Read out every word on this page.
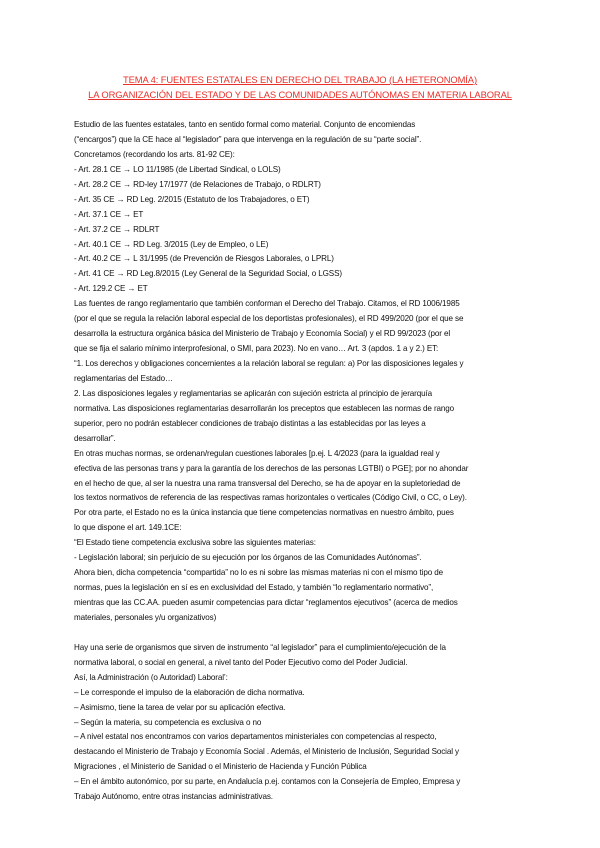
TEMA 4: FUENTES ESTATALES EN DERECHO DEL TRABAJO (LA HETERONOMÍA)
LA ORGANIZACIÓN DEL ESTADO Y DE LAS COMUNIDADES AUTÓNOMAS EN MATERIA LABORAL
Estudio de las fuentes estatales, tanto en sentido formal como material. Conjunto de encomiendas
(“encargos”) que la CE hace al “legislador” para que intervenga en la regulación de su “parte social”.
Concretamos (recordando los arts. 81-92 CE):
- Art. 28.1 CE → LO 11/1985 (de Libertad Sindical, o LOLS)
- Art. 28.2 CE → RD-ley 17/1977 (de Relaciones de Trabajo, o RDLRT)
- Art. 35 CE → RD Leg. 2/2015 (Estatuto de los Trabajadores, o ET)
- Art. 37.1 CE → ET
- Art. 37.2 CE → RDLRT
- Art. 40.1 CE → RD Leg. 3/2015 (Ley de Empleo, o LE)
- Art. 40.2 CE → L 31/1995 (de Prevención de Riesgos Laborales, o LPRL)
- Art. 41 CE → RD Leg.8/2015 (Ley General de la Seguridad Social, o LGSS)
- Art. 129.2 CE → ET
Las fuentes de rango reglamentario que también conforman el Derecho del Trabajo. Citamos, el RD 1006/1985
(por el que se regula la relación laboral especial de los deportistas profesionales), el RD 499/2020 (por el que se
desarrolla la estructura orgánica básica del Ministerio de Trabajo y Economía Social) y el RD 99/2023 (por el
que se fija el salario mínimo interprofesional, o SMI, para 2023). No en vano… Art. 3 (apdos. 1 a y 2.) ET:
“1. Los derechos y obligaciones concernientes a la relación laboral se regulan: a) Por las disposiciones legales y
reglamentarias del Estado…
2. Las disposiciones legales y reglamentarias se aplicarán con sujeción estricta al principio de jerarquía
normativa. Las disposiciones reglamentarias desarrollarán los preceptos que establecen las normas de rango
superior, pero no podrán establecer condiciones de trabajo distintas a las establecidas por las leyes a
desarrollar”.
En otras muchas normas, se ordenan/regulan cuestiones laborales [p.ej. L 4/2023 (para la igualdad real y
efectiva de las personas trans y para la garantía de los derechos de las personas LGTBI) o PGE]; por no ahondar
en el hecho de que, al ser la nuestra una rama transversal del Derecho, se ha de apoyar en la supletoriedad de
los textos normativos de referencia de las respectivas ramas horizontales o verticales (Código Civil, o CC, o Ley).
Por otra parte, el Estado no es la única instancia que tiene competencias normativas en nuestro ámbito, pues
lo que dispone el art. 149.1CE:
“El Estado tiene competencia exclusiva sobre las siguientes materias:
- Legislación laboral; sin perjuicio de su ejecución por los órganos de las Comunidades Autónomas”.
Ahora bien, dicha competencia “compartida” no lo es ni sobre las mismas materias ni con el mismo tipo de
normas, pues la legislación en sí es en exclusividad del Estado, y también “lo reglamentario normativo”,
mientras que las CC.AA. pueden asumir competencias para dictar “reglamentos ejecutivos” (acerca de medios
materiales, personales y/u organizativos)
Hay una serie de organismos que sirven de instrumento “al legislador” para el cumplimiento/ejecución de la
normativa laboral, o social en general, a nivel tanto del Poder Ejecutivo como del Poder Judicial.
Así, la Administración (o Autoridad) Laboral’:
– Le corresponde el impulso de la elaboración de dicha normativa.
– Asimismo, tiene la tarea de velar por su aplicación efectiva.
– Según la materia, su competencia es exclusiva o no
– A nivel estatal nos encontramos con varios departamentos ministeriales con competencias al respecto,
destacando el Ministerio de Trabajo y Economía Social . Además, el Ministerio de Inclusión, Seguridad Social y
Migraciones , el Ministerio de Sanidad o el Ministerio de Hacienda y Función Pública
– En el ámbito autonómico, por su parte, en Andalucía p.ej. contamos con la Consejería de Empleo, Empresa y
Trabajo Autónomo, entre otras instancias administrativas.
